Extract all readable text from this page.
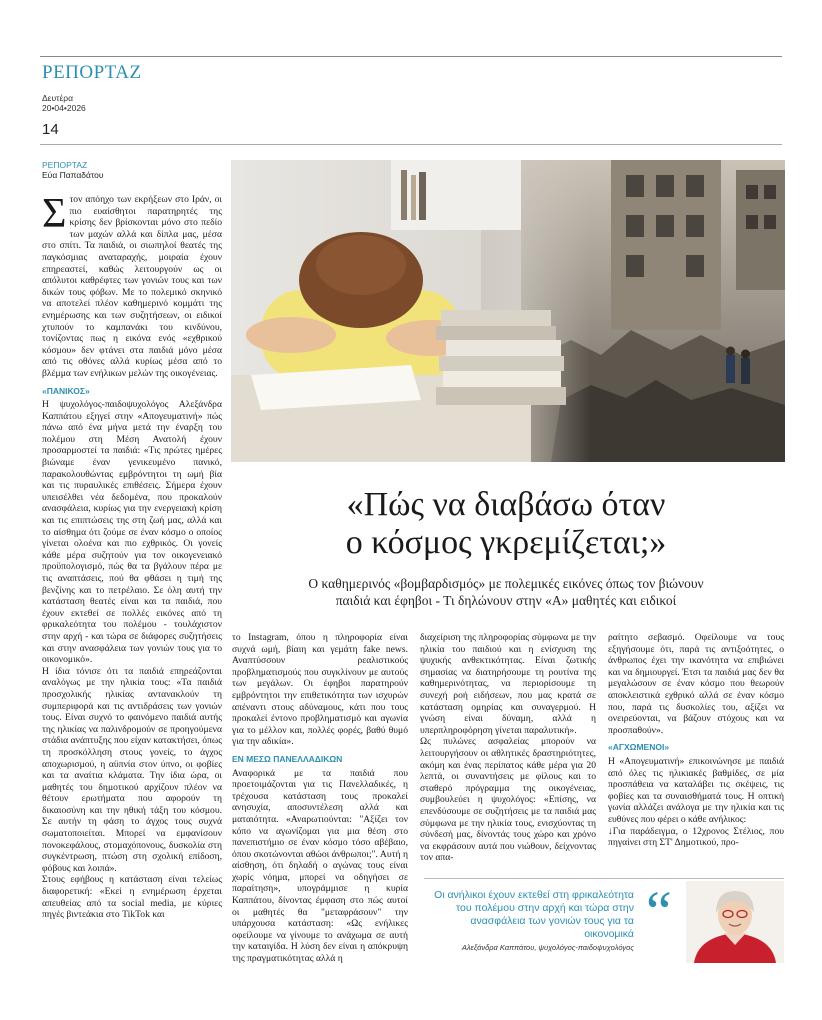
ΡΕΠΟΡΤΑΖ
Δευτέρα
20•04•2026
14
ΡΕΠΟΡΤΑΖ
Εύα Παπαδάτου
Σ τον απόηχο των εκρήξεων στο Ιράν, οι πιο ευαίσθητοι παρατηρητές της κρίσης δεν βρίσκονται μόνο στο πεδίο των μαχών αλλά και δίπλα μας, μέσα στο σπίτι. Τα παιδιά, οι σιωπηλοί θεατές της παγκόσμιας αναταραχής, μοιραία έχουν επηρεαστεί, καθώς λειτουργούν ως οι απόλυτοι καθρέφτες των γονιών τους και των δικών τους φόβων. Με το πολεμικό σκηνικό να αποτελεί πλέον καθημερινό κομμάτι της ενημέρωσης και των συζητήσεων, οι ειδικοί χτυπούν το καμπανάκι του κινδύνου, τονίζοντας πως η εικόνα ενός «εχθρικού κόσμου» δεν φτάνει στα παιδιά μόνο μέσα από τις οθόνες αλλά κυρίως μέσα από το βλέμμα των ενήλικων μελών της οικογένειας.

«ΠΑΝΙΚΟΣ»

Η ψυχολόγος-παιδοψυχολόγος Αλεξάνδρα Καππάτου εξηγεί στην «Απογευματινή» πώς πάνω από ένα μήνα μετά την έναρξη του πολέμου στη Μέση Ανατολή έχουν προσαρμοστεί τα παιδιά: «Τις πρώτες ημέρες βιώναμε έναν γενικευμένο πανικό, παρακολουθώντας εμβρόντητοι τη ωμή βία και τις πυραυλικές επιθέσεις. Σήμερα έχουν υπεισέλθει νέα δεδομένα, που προκαλούν ανασφάλεια, κυρίως για την ενεργειακή κρίση και τις επιπτώσεις της στη ζωή μας, αλλά και το αίσθημα ότι ζούμε σε έναν κόσμο ο οποίος γίνεται ολοένα και πιο εχθρικός. Οι γονείς κάθε μέρα συζητούν για τον οικογενειακό προϋπολογισμό, πώς θα τα βγάλουν πέρα με τις αναπτάσεις, πού θα φθάσει η τιμή της βενζίνης και το πετρέλαιο. Σε όλη αυτή την κατάσταση θεατές είναι και τα παιδιά, που έχουν εκτεθεί σε πολλές εικόνες από τη φρικαλεότητα του πολέμου - τουλάχιστον στην αρχή - και τώρα σε διάφορες συζητήσεις και στην ανασφάλεια των γονιών τους για το οικονομικό».

Η ίδια τόνισε ότι τα παιδιά επηρεάζονται αναλόγως με την ηλικία τους: «Τα παιδιά προσχολικής ηλικίας αντανακλούν τη συμπεριφορά και τις αντιδράσεις των γονιών τους. Είναι συχνό το φαινόμενο παιδιά αυτής της ηλικίας να παλινδρομούν σε προηγούμενα στάδια ανάπτυξης που είχαν κατακτήσει, όπως τη προσκόλληση στους γονείς, το άγχος αποχωρισμού, η αϋπνία στον ύπνο, οι φοβίες και τα αναίτια κλάματα. Την ίδια ώρα, οι μαθητές του δημοτικού αρχίζουν πλέον να θέτουν ερωτήματα που αφορούν τη δικαιοσύνη και την ηθική τάξη του κόσμου. Σε αυτήν τη φάση το άγχος τους συχνά σωματοποιείται. Μπορεί να εμφανίσουν πονοκεφάλους, στομαχόπονους, δυσκολία στη συγκέντρωση, πτώση στη σχολική επίδοση, φόβους και λοιπά».

Στους εφήβους η κατάσταση είναι τελείως διαφορετική: «Εκεί η ενημέρωση έρχεται απευθείας από τα social media, με κύριες πηγές βιντεάκια στο TikTok και

«Πώς να διαβάσω όταν
ο κόσμος γκρεμίζεται;»
Ο καθημερινός «βομβαρδισμός» με πολεμικές εικόνες όπως τον βιώνουν
παιδιά και έφηβοι - Τι δηλώνουν στην «Α» μαθητές και ειδικοί

το Instagram, όπου η πληροφορία είναι συχνά ωμή, βίαιη και γεμάτη fake news. Αναπτύσσουν ρεαλιστικούς προβληματισμούς που συγκλίνουν με αυτούς των μεγάλων. Οι έφηβοι παρατηρούν εμβρόντητοι την επιθετικότητα των ισχυρών απέναντι στους αδύναμους, κάτι που τους προκαλεί έντονο προβληματισμό και αγωνία για το μέλλον και, πολλές φορές, βαθύ θυμό για την αδικία».

ΕΝ ΜΕΣΩ ΠΑΝΕΛΛΑΔΙΚΩΝ

Αναφορικά με τα παιδιά που προετοιμάζονται για τις Πανελλαδικές, η τρέχουσα κατάσταση τους προκαλεί ανησυχία, αποσυντέλεση αλλά και ματαιότητα. «Αναρωτιούνται: "Αξίζει τον κόπο να αγωνίζομαι για μια θέση στο πανεπιστήμιο σε έναν κόσμο τόσο αβέβαιο, όπου σκοτώνονται αθώοι άνθρωποι;". Αυτή η αίσθηση, ότι δηλαδή ο αγώνας τους είναι χωρίς νόημα, μπορεί να οδηγήσει σε παραίτηση», υπογράμμισε η κυρία Καππάτου, δίνοντας έμφαση στο πώς αυτοί οι μαθητές θα "μεταφράσουν" την υπάρχουσα κατάσταση: «Ως ενήλικες οφείλουμε να γίνουμε το ανάχωμα σε αυτή την καταιγίδα. Η λύση δεν είναι η απόκρυψη της πραγματικότητας αλλά η

διαχείριση της πληροφορίας σύμφωνα με την ηλικία του παιδιού και η ενίσχυση της ψυχικής ανθεκτικότητας. Είναι ζωτικής σημασίας να διατηρήσουμε τη ρουτίνα της καθημερινότητας, να περιορίσουμε τη συνεχή ροή ειδήσεων, που μας κρατά σε κατάσταση ομηρίας και συναγερμού. Η γνώση είναι δύναμη, αλλά η υπερπληροφόρηση γίνεται παραλυτική».

Ως πυλώνες ασφαλείας μπορούν να λειτουργήσουν οι αθλητικές δραστηριότητες, ακόμη και ένας περίπατος κάθε μέρα για 20 λεπτά, οι συναντήσεις με φίλους και το σταθερό πρόγραμμα της οικογένειας, συμβουλεύει η ψυχολόγος: «Επίσης, να επενδύσουμε σε συζητήσεις με τα παιδιά μας σύμφωνα με την ηλικία τους, ενισχύοντας τη σύνδεσή μας, δίνοντάς τους χώρο και χρόνο να εκφράσουν αυτά που νιώθουν, δείχνοντας τον απα-

ραίτητο σεβασμό. Οφείλουμε να τους εξηγήσουμε ότι, παρά τις αντιξοότητες, ο άνθρωπος έχει την ικανότητα να επιβιώνει και να δημιουργεί. Έτσι τα παιδιά μας δεν θα μεγαλώσουν σε έναν κόσμο που θεωρούν αποκλειστικά εχθρικό αλλά σε έναν κόσμο που, παρά τις δυσκολίες του, αξίζει να ονειρεύονται, να βάζουν στόχους και να προσπαθούν».

«ΑΓΧΩΜΕΝΟΙ»

Η «Απογευματινή» επικοινώνησε με παιδιά από όλες τις ηλικιακές βαθμίδες, σε μία προσπάθεια να καταλάβει τις σκέψεις, τις φοβίες και τα συναισθήματά τους. Η οπτική γωνία αλλάζει ανάλογα με την ηλικία και τις ευθύνες που φέρει ο κάθε ανήλικος:

↓Για παράδειγμα, ο 12χρονος Στέλιος, που πηγαίνει στη ΣΤ' Δημοτικού, προ-

Οι ανήλικοι έχουν εκτεθεί στη φρικαλεότητα του πολέμου στην αρχή και τώρα στην ανασφάλεια των γονιών τους για τα οικονομικά
Αλεξάνδρα Καππάτου, ψυχολόγος-παιδοψυχολόγος
“
